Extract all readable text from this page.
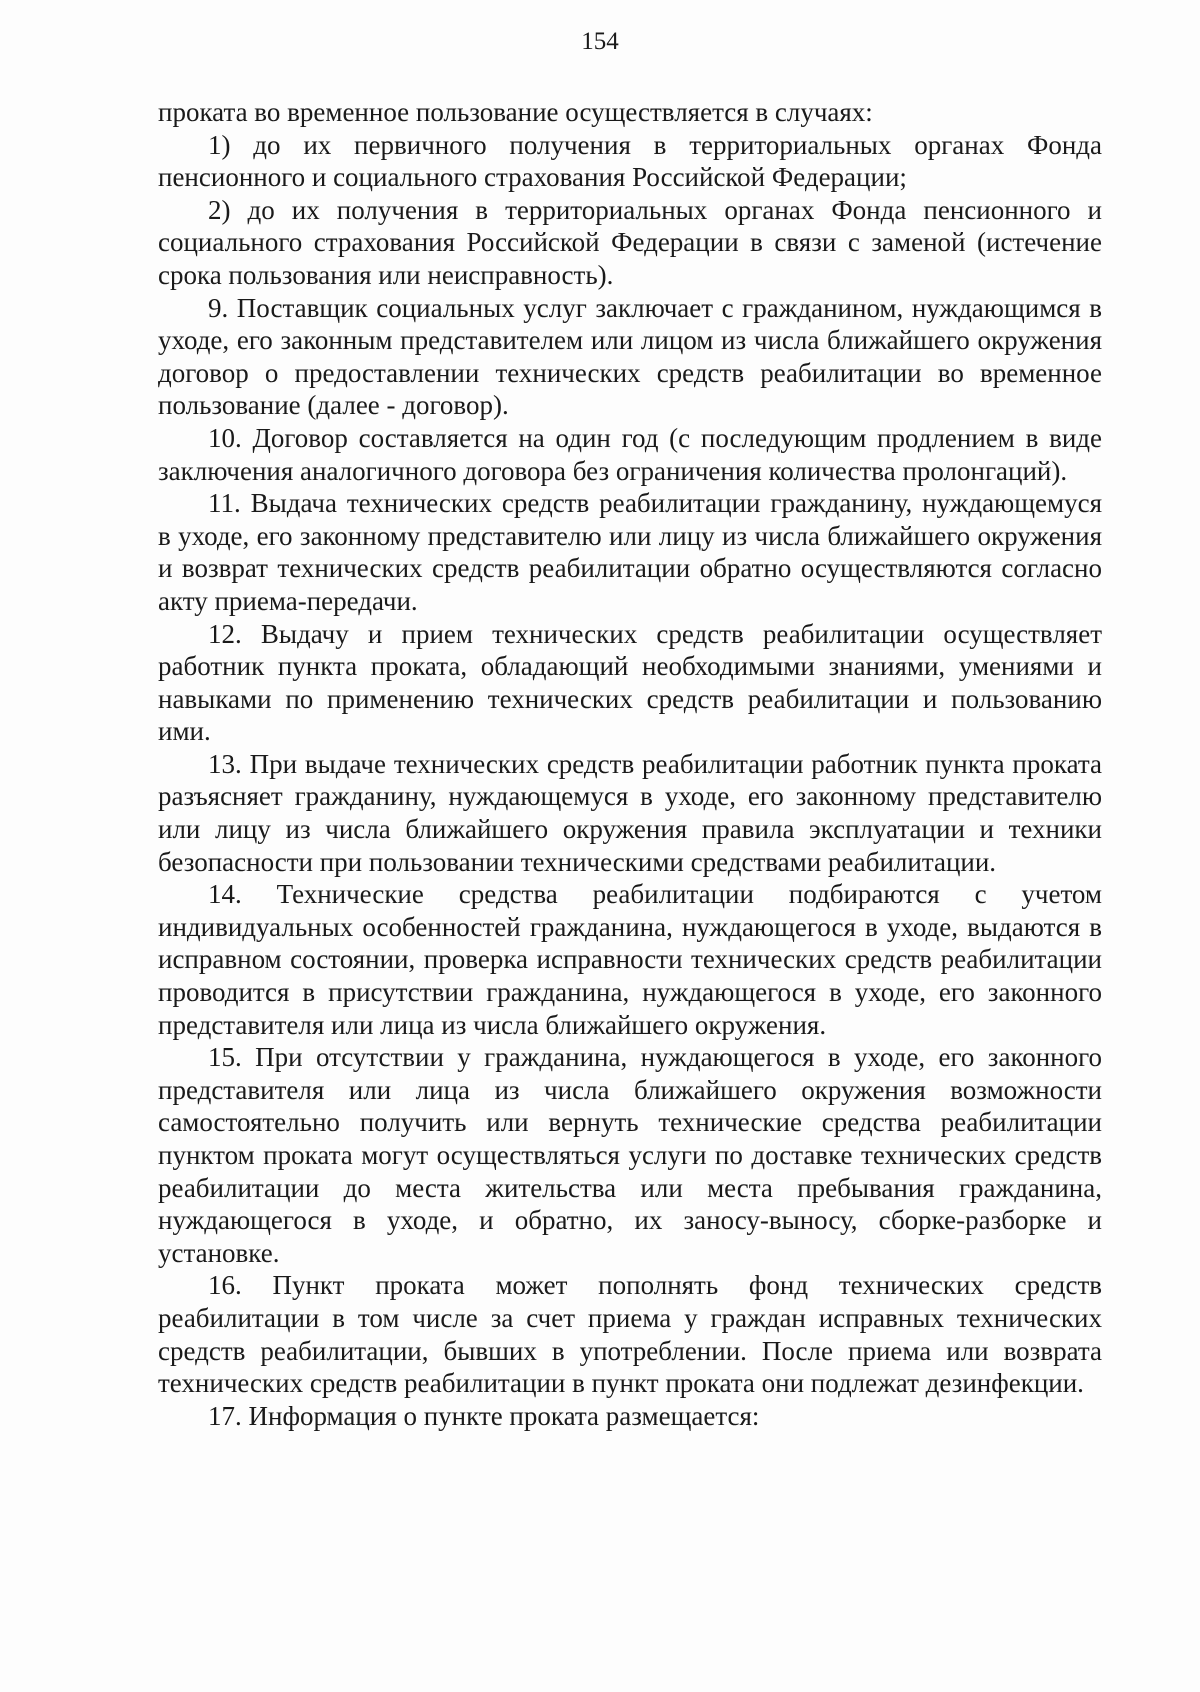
154

проката во временное пользование осуществляется в случаях:

1) до их первичного получения в территориальных органах Фонда пенсионного и социального страхования Российской Федерации;

2) до их получения в территориальных органах Фонда пенсионного и социального страхования Российской Федерации в связи с заменой (истечение срока пользования или неисправность).

9. Поставщик социальных услуг заключает с гражданином, нуждающимся в уходе, его законным представителем или лицом из числа ближайшего окружения договор о предоставлении технических средств реабилитации во временное пользование (далее - договор).

10. Договор составляется на один год (с последующим продлением в виде заключения аналогичного договора без ограничения количества пролонгаций).

11. Выдача технических средств реабилитации гражданину, нуждающемуся в уходе, его законному представителю или лицу из числа ближайшего окружения и возврат технических средств реабилитации обратно осуществляются согласно акту приема-передачи.

12. Выдачу и прием технических средств реабилитации осуществляет работник пункта проката, обладающий необходимыми знаниями, умениями и навыками по применению технических средств реабилитации и пользованию ими.

13. При выдаче технических средств реабилитации работник пункта проката разъясняет гражданину, нуждающемуся в уходе, его законному представителю или лицу из числа ближайшего окружения правила эксплуатации и техники безопасности при пользовании техническими средствами реабилитации.

14. Технические средства реабилитации подбираются с учетом индивидуальных особенностей гражданина, нуждающегося в уходе, выдаются в исправном состоянии, проверка исправности технических средств реабилитации проводится в присутствии гражданина, нуждающегося в уходе, его законного представителя или лица из числа ближайшего окружения.

15. При отсутствии у гражданина, нуждающегося в уходе, его законного представителя или лица из числа ближайшего окружения возможности самостоятельно получить или вернуть технические средства реабилитации пунктом проката могут осуществляться услуги по доставке технических средств реабилитации до места жительства или места пребывания гражданина, нуждающегося в уходе, и обратно, их заносу-выносу, сборке-разборке и установке.

16. Пункт проката может пополнять фонд технических средств реабилитации в том числе за счет приема у граждан исправных технических средств реабилитации, бывших в употреблении. После приема или возврата технических средств реабилитации в пункт проката они подлежат дезинфекции.

17. Информация о пункте проката размещается:
